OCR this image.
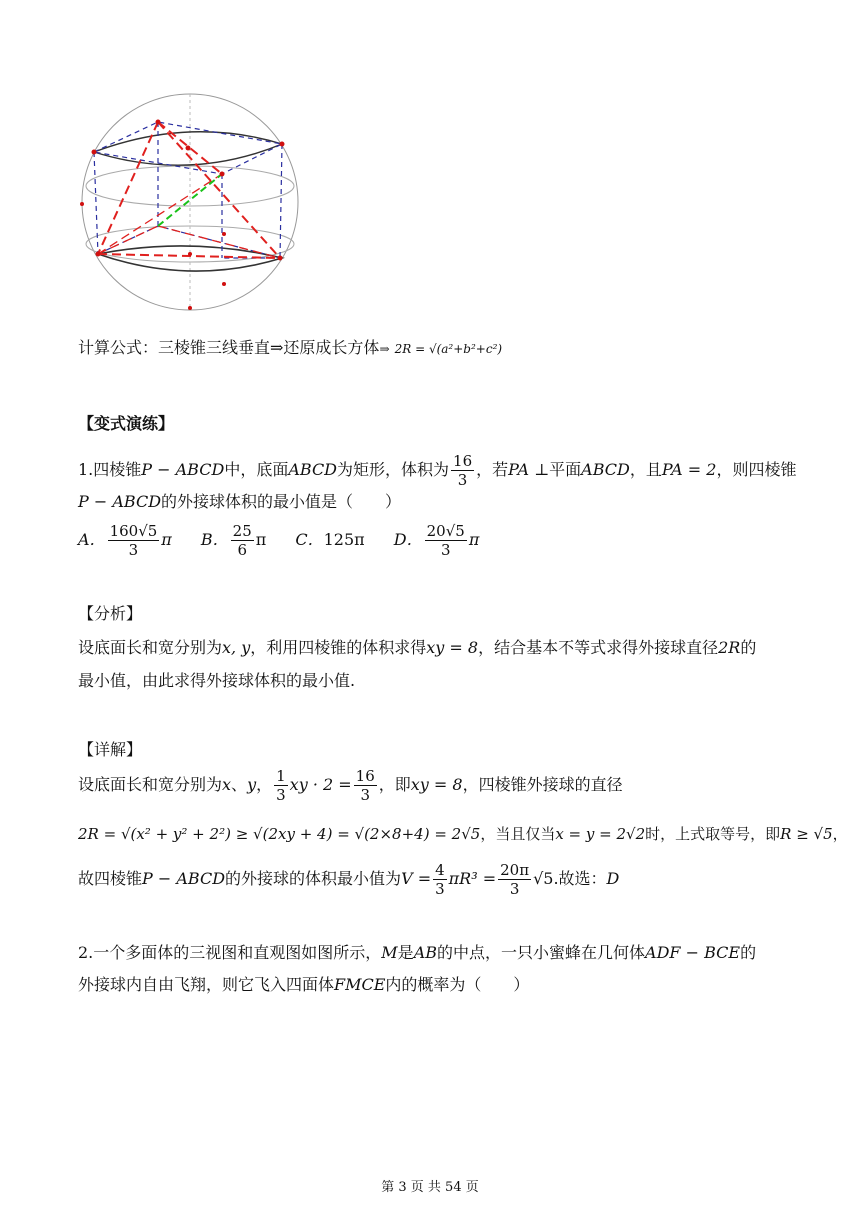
计算公式：三棱锥三线垂直⇒还原成长方体⇒ 2R = √(a²+b²+c²)
【变式演练】
1.四棱锥P − ABCD中，底面ABCD为矩形，体积为 $\frac{16}{3}$ ，若PA ⊥平面ABCD，且PA = 2，则四棱锥
P − ABCD的外接球体积的最小值是（　　）
A． $\frac{160√5}{3}$ π B． $\frac{25}{6}$ π C．125π D． $\frac{20√5}{3}$ π
【分析】
设底面长和宽分别为x, y，利用四棱锥的体积求得xy = 8，结合基本不等式求得外接球直径2R的
最小值，由此求得外接球体积的最小值.
【详解】
设底面长和宽分别为x、y， $\frac{1}{3}$ xy · $2 = \frac{16}{3}$ ，即xy = 8，四棱锥外接球的直径
2R = √(x² + y² + 2²) ≥ √(2xy + 4) = √(2×8+4) = 2√5，当且仅当x = y = 2√2时，上式取等号，即R ≥ √5，
故四棱锥P − ABCD的外接球的体积最小值为$V = \frac{4}{3} \pi R^3 = \frac{20\pi}{3} √5$.故选：D
2.一个多面体的三视图和直观图如图所示，M是AB的中点，一只小蜜蜂在几何体ADF − BCE的
外接球内自由飞翔，则它飞入四面体FMCE内的概率为（　　）
第 3 页 共 54 页
